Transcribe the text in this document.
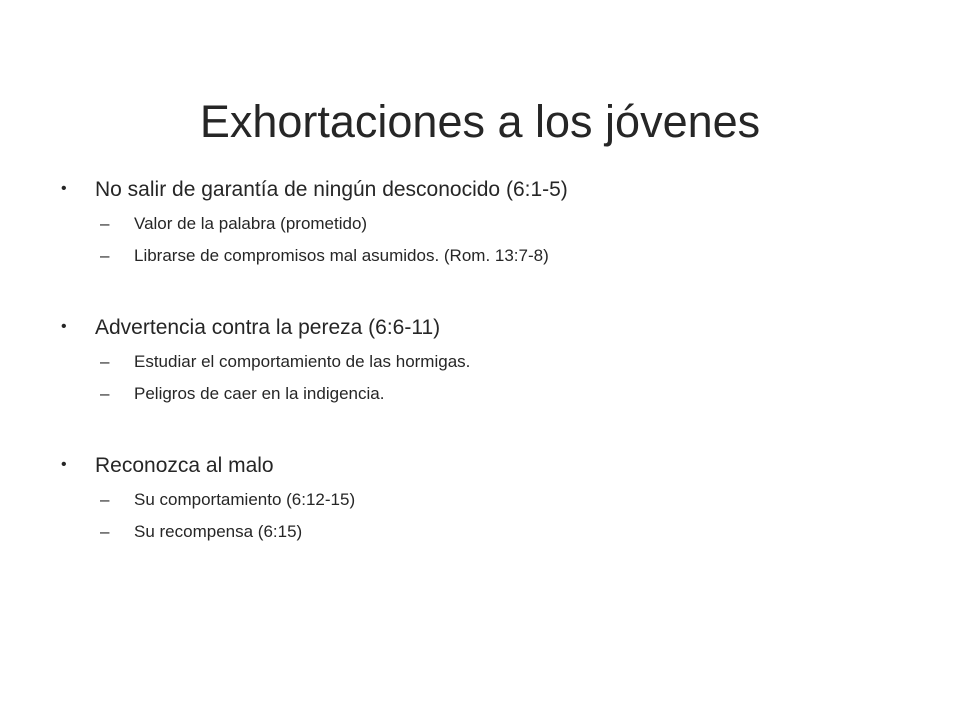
Exhortaciones a los jóvenes
• No salir de garantía de ningún desconocido (6:1-5)
– Valor de la palabra (prometido)
– Librarse de compromisos mal asumidos. (Rom. 13:7-8)
• Advertencia contra la pereza (6:6-11)
– Estudiar el comportamiento de las hormigas.
– Peligros de caer en la indigencia.
• Reconozca al malo
– Su comportamiento (6:12-15)
– Su recompensa (6:15)
